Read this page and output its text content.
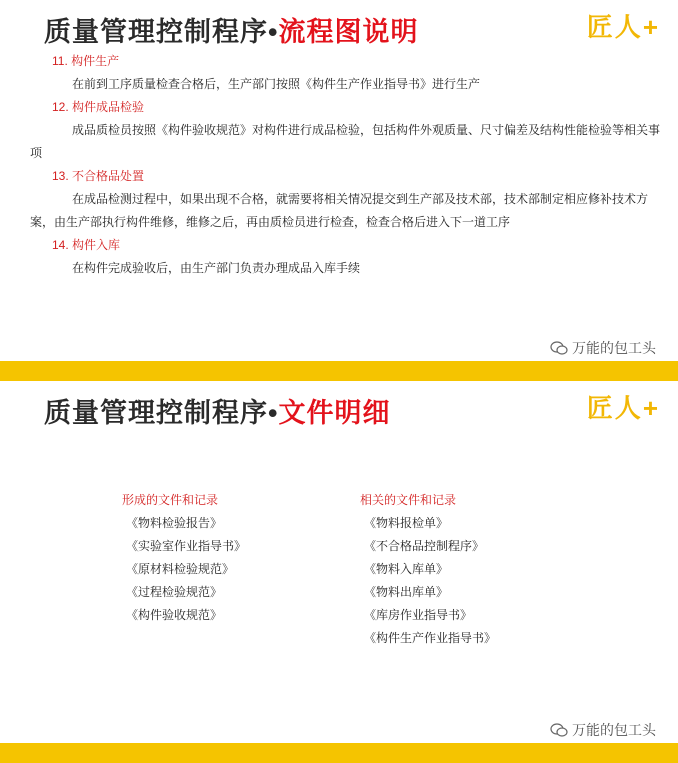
质量管理控制程序•流程图说明	匠 人 +
11. 构件生产
在前到工序质量检查合格后，生产部门按照《构件生产作业指导书》进行生产
12. 构件成品检验
成品质检员按照《构件验收规范》对构件进行成品检验，包括构件外观质量、尺寸偏差及结构性能检验等相关事项
13. 不合格品处置
在成品检测过程中，如果出现不合格，就需要将相关情况提交到生产部及技术部，技术部制定相应修补技术方案，由生产部执行构件维修，维修之后，再由质检员进行检查，检查合格后进入下一道工序
14. 构件入库
在构件完成验收后，由生产部门负责办理成品入库手续
万能的包工头
质量管理控制程序•文件明细	匠 人 +
形成的文件和记录
《物料检验报告》
《实验室作业指导书》
《原材料检验规范》
《过程检验规范》
《构件验收规范》
相关的文件和记录
《物料报检单》
《不合格品控制程序》
《物料入库单》
《物料出库单》
《库房作业指导书》
《构件生产作业指导书》
万能的包工头
